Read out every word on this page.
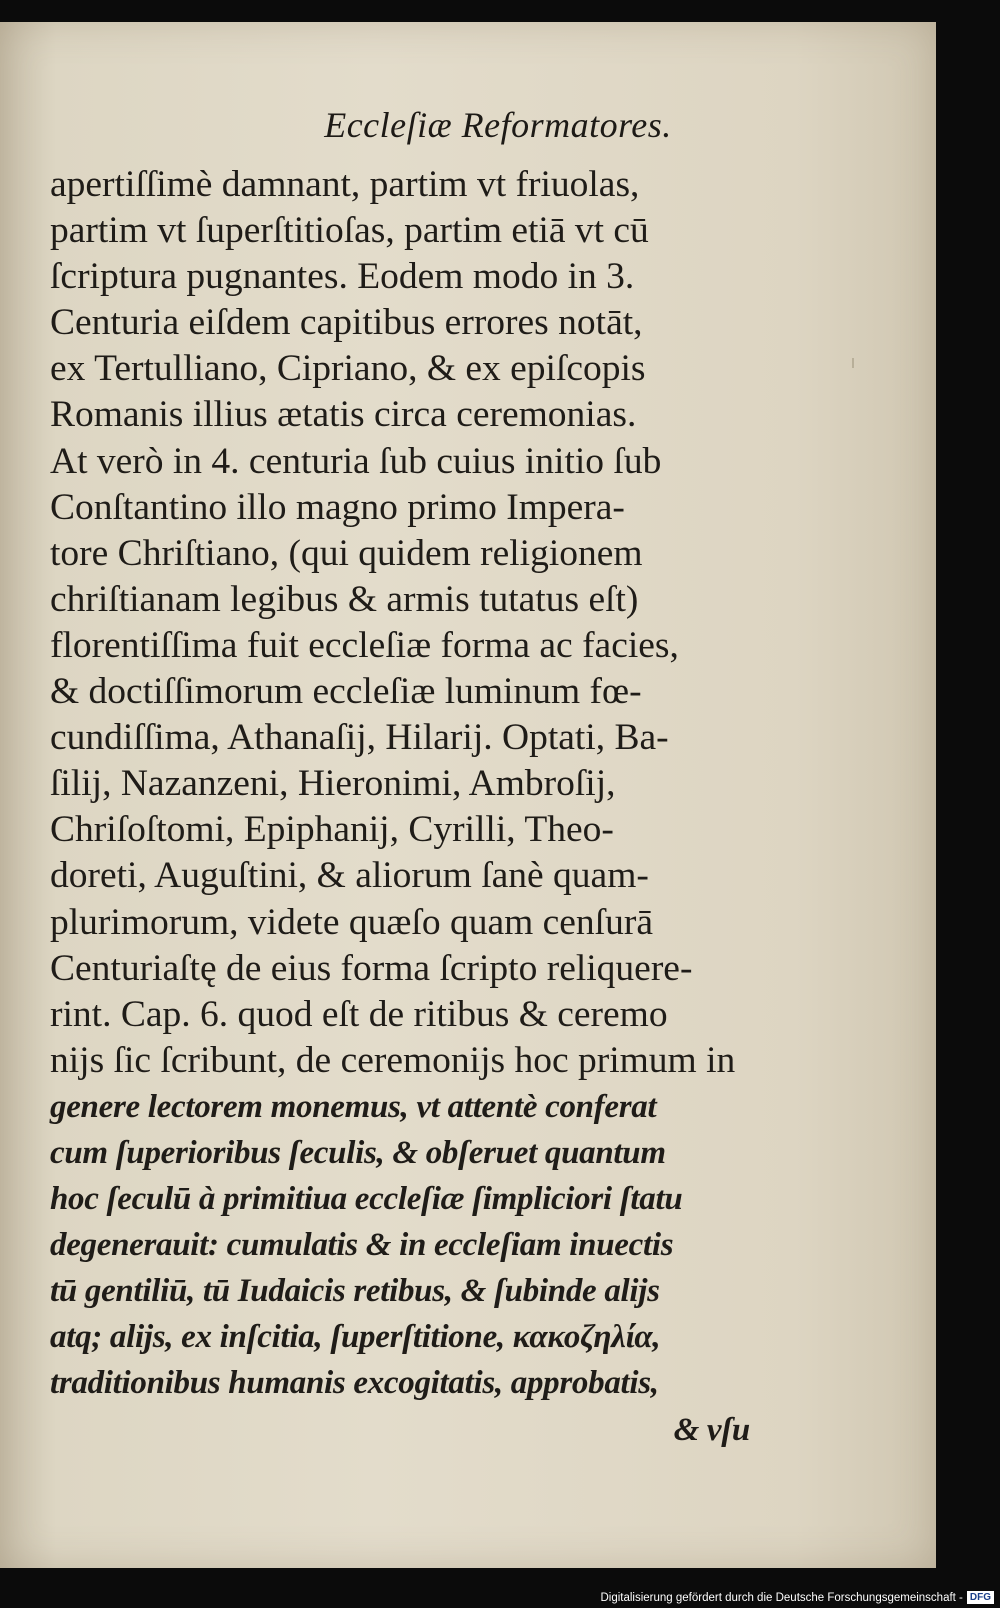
Eccleſiæ Reformatores.
apertiſſimè damnant, partim vt friuolas,
partim vt ſuperſtitioſas, partim etiā vt cū
ſcriptura pugnantes. Eodem modo in 3.
Centuria eiſdem capitibus errores notāt,
ex Tertulliano, Cipriano, & ex epiſcopis
Romanis illius ætatis circa ceremonias.
At verò in 4. centuria ſub cuius initio ſub
Conſtantino illo magno primo Impera-
tore Chriſtiano, (qui quidem religionem
chriſtianam legibus & armis tutatus eſt)
florentiſſima fuit eccleſiæ forma ac facies,
& doctiſſimorum eccleſiæ luminum fœ-
cundiſſima, Athanaſij, Hilarij. Optati, Ba-
ſilij, Nazanzeni, Hieronimi, Ambroſij,
Chriſoſtomi, Epiphanij, Cyrilli, Theo-
doreti, Auguſtini, & aliorum ſanè quam-
plurimorum, videte quæſo quam cenſurā
Centuriaſtę de eius forma ſcripto reliquere-
rint. Cap. 6. quod eſt de ritibus & ceremo
nijs ſic ſcribunt, de ceremonijs hoc primum in
genere lectorem monemus, vt attentè conferat
cum ſuperioribus ſeculis, & obſeruet quantum
hoc ſeculū à primitiua eccleſiæ ſimpliciori ſtatu
degenerauit: cumulatis & in eccleſiam inuectis
tū gentiliū, tū Iudaicis retibus, & ſubinde alijs
atq; alijs, ex inſcitia, ſuperſtitione, κακοζηλία,
traditionibus humanis excogitatis, approbatis,
& vſu
Digitalisierung gefördert durch die Deutsche Forschungsgemeinschaft - DFG
